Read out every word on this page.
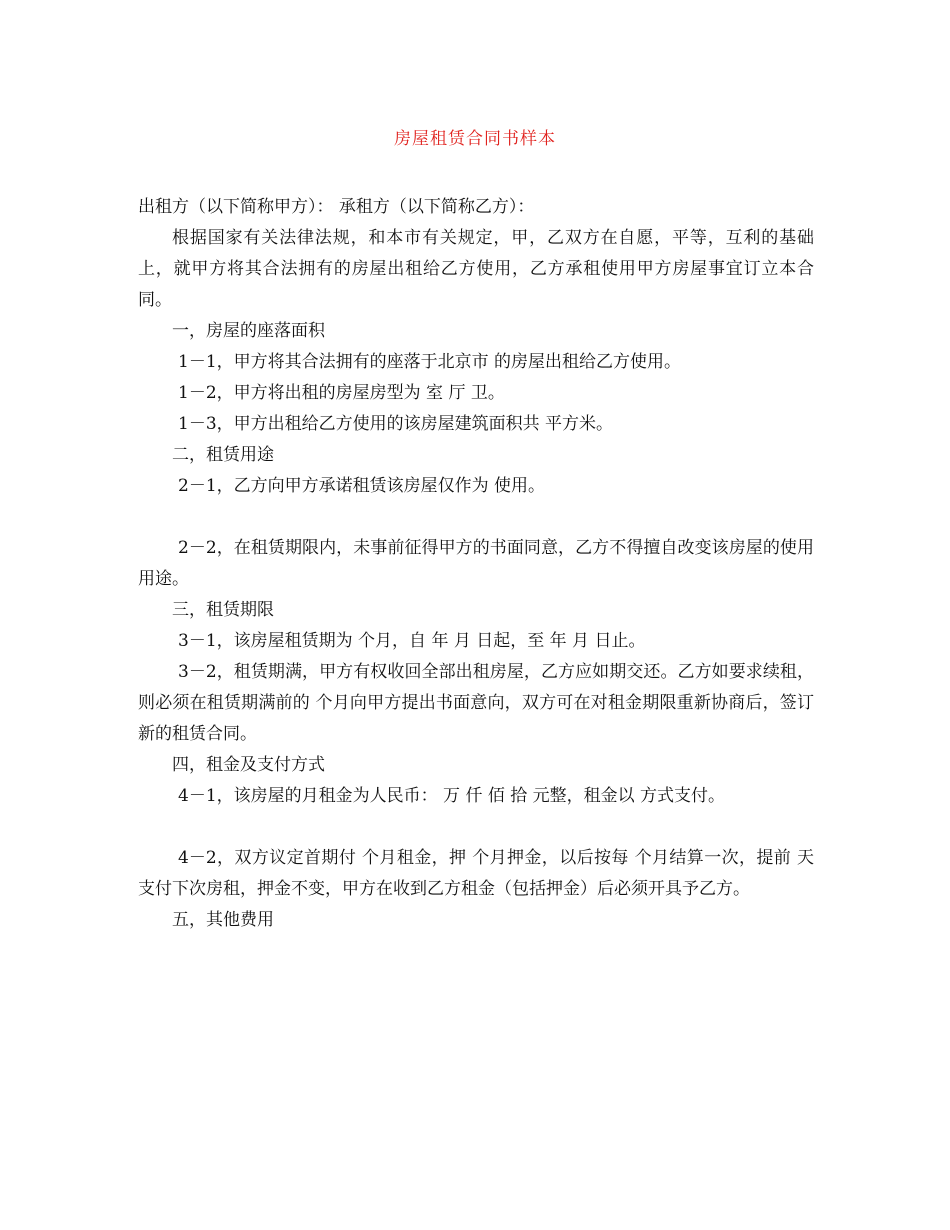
房屋租赁合同书样本

出租方（以下简称甲方）： 承租方（以下简称乙方）：

根据国家有关法律法规，和本市有关规定，甲，乙双方在自愿，平等，互利的基础上，就甲方将其合法拥有的房屋出租给乙方使用，乙方承租使用甲方房屋事宜订立本合同。

一，房屋的座落面积

1－1，甲方将其合法拥有的座落于北京市 的房屋出租给乙方使用。

1－2，甲方将出租的房屋房型为 室 厅 卫。

1－3，甲方出租给乙方使用的该房屋建筑面积共 平方米。

二，租赁用途

2－1，乙方向甲方承诺租赁该房屋仅作为 使用。

2－2，在租赁期限内，未事前征得甲方的书面同意，乙方不得擅自改变该房屋的使用用途。

三，租赁期限

3－1，该房屋租赁期为 个月，自 年 月 日起，至 年 月 日止。

3－2，租赁期满，甲方有权收回全部出租房屋，乙方应如期交还。乙方如要求续租，则必须在租赁期满前的 个月向甲方提出书面意向，双方可在对租金期限重新协商后，签订新的租赁合同。

四，租金及支付方式

4－1，该房屋的月租金为人民币： 万 仟 佰 拾 元整，租金以 方式支付。

4－2，双方议定首期付 个月租金，押 个月押金，以后按每 个月结算一次，提前 天支付下次房租，押金不变，甲方在收到乙方租金（包括押金）后必须开具予乙方。

五，其他费用
